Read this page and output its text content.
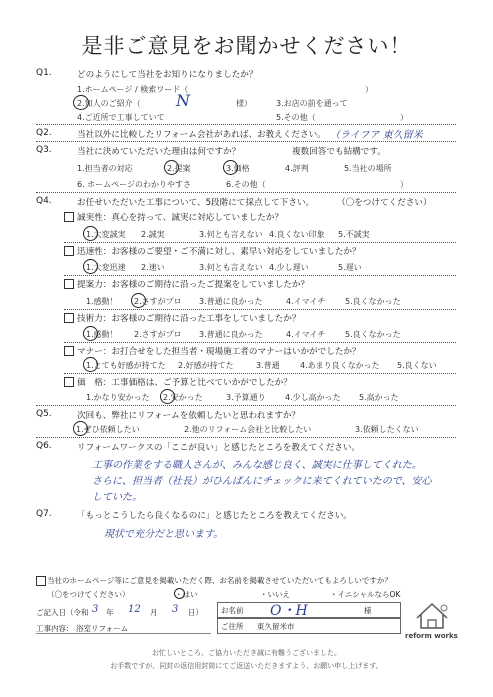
是非ご意見をお聞かせください！
Q1.	どのようにして当社をお知りになりましたか？
1.ホームページ / 検索ワード（	）
2.知人のご紹介（ N	様）	3.お店の前を通って
4.ご近所で工事していて	5.その他（	）
Q2.	当社以外に比較したリフォーム会社があれば、お教えください。 （ライフア 東久留米
Q3.	当社に決めていただいた理由は何ですか？	複数回答でも結構です。
1.担当者の対応	2.提案	3.価格	4.評判	5.当社の場所
6. ホームページのわかりやすさ	6.その他（	）
Q4.	お任せいただいた工事について、5段階にて採点して下さい。	（〇をつけてください）
誠実性：真心を持って、誠実に対応していましたか？
1.大変誠実 2.誠実	3.何とも言えない 4.良くない印象 5.不誠実
迅速性：お客様のご要望・ご不満に対し、素早い対応をしていましたか？
1.大変迅速 2.速い	3.何とも言えない 4.少し遅い	5.遅い
提案力：お客様のご期待に沿ったご提案をしていましたか？
1.感動！ 2.さすがプロ 3.普通に良かった	4.イマイチ 5.良くなかった
技術力：お客様のご期待に沿った工事をしていましたか？
1.感動！ 2.さすがプロ 3.普通に良かった	4.イマイチ 5.良くなかった
マナー：お打合せをした担当者・現場施工者のマナーはいかがでしたか？
1.とても好感が持てた 2.好感が持てた	3.普通	4.あまり良くなかった 5.良くない
価　格：工事価格は、ご予算と比べていかがでしたか？
1.かなり安かった 2.安かった	3.予算通り 4.少し高かった 5.高かった
Q5.	次回も、弊社にリフォームを依頼したいと思われますか？
1.ぜひ依頼したい	2.他のリフォーム会社と比較したい	3.依頼したくない
Q6.	リフォームワークスの「ここが良い」と感じたところを教えてください。
工事の作業をする職人さんが、みんな感じ良く、誠実に仕事してくれた。
さらに、担当者（社長）がひんぱんにチェックに来てくれていたので、安心
していた。
Q7.	「もっとこうしたら良くなるのに」と感じたところを教えてください。
現状で充分だと思います。
当社のホームページ等にご意見を掲載いただく際、お名前を掲載させていただいてもよろしいですか？
（〇をつけてください）	・はい	・いいえ	・イニシャルならOK
ご記入日（令和 3 年 12 月 3 日） お名前 O・H	様
工事内容: 浴室リフォーム	ご住所 東久留米市
reform works
お忙しいところ、ご協力いただき誠に有難うございました。
お手数ですが、同封の返信用封筒にてご返送いただきますよう、お願い申し上げます。
